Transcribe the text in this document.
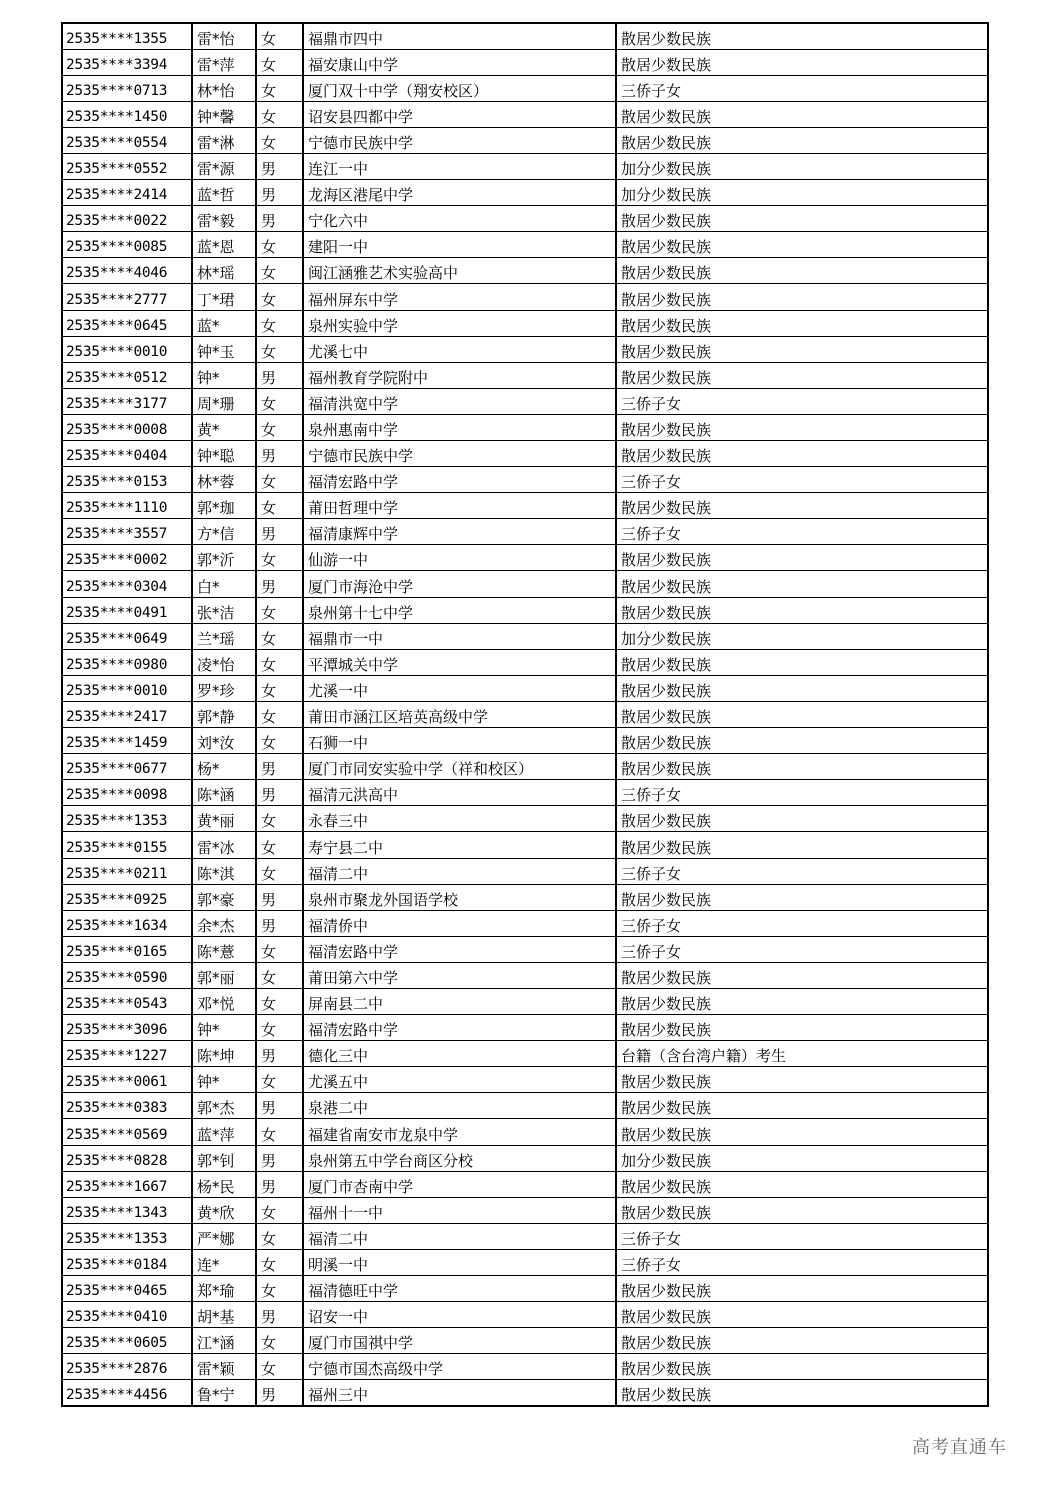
2535****1355	雷*怡	女	福鼎市四中	散居少数民族
2535****3394	雷*萍	女	福安康山中学	散居少数民族
2535****0713	林*怡	女	厦门双十中学（翔安校区）	三侨子女
2535****1450	钟*馨	女	诏安县四都中学	散居少数民族
2535****0554	雷*淋	女	宁德市民族中学	散居少数民族
2535****0552	雷*源	男	连江一中	加分少数民族
2535****2414	蓝*哲	男	龙海区港尾中学	加分少数民族
2535****0022	雷*毅	男	宁化六中	散居少数民族
2535****0085	蓝*恩	女	建阳一中	散居少数民族
2535****4046	林*瑶	女	闽江涵雅艺术实验高中	散居少数民族
2535****2777	丁*珺	女	福州屏东中学	散居少数民族
2535****0645	蓝*	女	泉州实验中学	散居少数民族
2535****0010	钟*玉	女	尤溪七中	散居少数民族
2535****0512	钟*	男	福州教育学院附中	散居少数民族
2535****3177	周*珊	女	福清洪宽中学	三侨子女
2535****0008	黄*	女	泉州惠南中学	散居少数民族
2535****0404	钟*聪	男	宁德市民族中学	散居少数民族
2535****0153	林*蓉	女	福清宏路中学	三侨子女
2535****1110	郭*珈	女	莆田哲理中学	散居少数民族
2535****3557	方*信	男	福清康辉中学	三侨子女
2535****0002	郭*沂	女	仙游一中	散居少数民族
2535****0304	白*	男	厦门市海沧中学	散居少数民族
2535****0491	张*洁	女	泉州第十七中学	散居少数民族
2535****0649	兰*瑶	女	福鼎市一中	加分少数民族
2535****0980	凌*怡	女	平潭城关中学	散居少数民族
2535****0010	罗*珍	女	尤溪一中	散居少数民族
2535****2417	郭*静	女	莆田市涵江区培英高级中学	散居少数民族
2535****1459	刘*汝	女	石狮一中	散居少数民族
2535****0677	杨*	男	厦门市同安实验中学（祥和校区）	散居少数民族
2535****0098	陈*涵	男	福清元洪高中	三侨子女
2535****1353	黄*丽	女	永春三中	散居少数民族
2535****0155	雷*冰	女	寿宁县二中	散居少数民族
2535****0211	陈*淇	女	福清二中	三侨子女
2535****0925	郭*豪	男	泉州市聚龙外国语学校	散居少数民族
2535****1634	余*杰	男	福清侨中	三侨子女
2535****0165	陈*薏	女	福清宏路中学	三侨子女
2535****0590	郭*丽	女	莆田第六中学	散居少数民族
2535****0543	邓*悦	女	屏南县二中	散居少数民族
2535****3096	钟*	女	福清宏路中学	散居少数民族
2535****1227	陈*坤	男	德化三中	台籍（含台湾户籍）考生
2535****0061	钟*	女	尤溪五中	散居少数民族
2535****0383	郭*杰	男	泉港二中	散居少数民族
2535****0569	蓝*萍	女	福建省南安市龙泉中学	散居少数民族
2535****0828	郭*钊	男	泉州第五中学台商区分校	加分少数民族
2535****1667	杨*民	男	厦门市杏南中学	散居少数民族
2535****1343	黄*欣	女	福州十一中	散居少数民族
2535****1353	严*娜	女	福清二中	三侨子女
2535****0184	连*	女	明溪一中	三侨子女
2535****0465	郑*瑜	女	福清德旺中学	散居少数民族
2535****0410	胡*基	男	诏安一中	散居少数民族
2535****0605	江*涵	女	厦门市国祺中学	散居少数民族
2535****2876	雷*颖	女	宁德市国杰高级中学	散居少数民族
2535****4456	鲁*宁	男	福州三中	散居少数民族
高考直通车
